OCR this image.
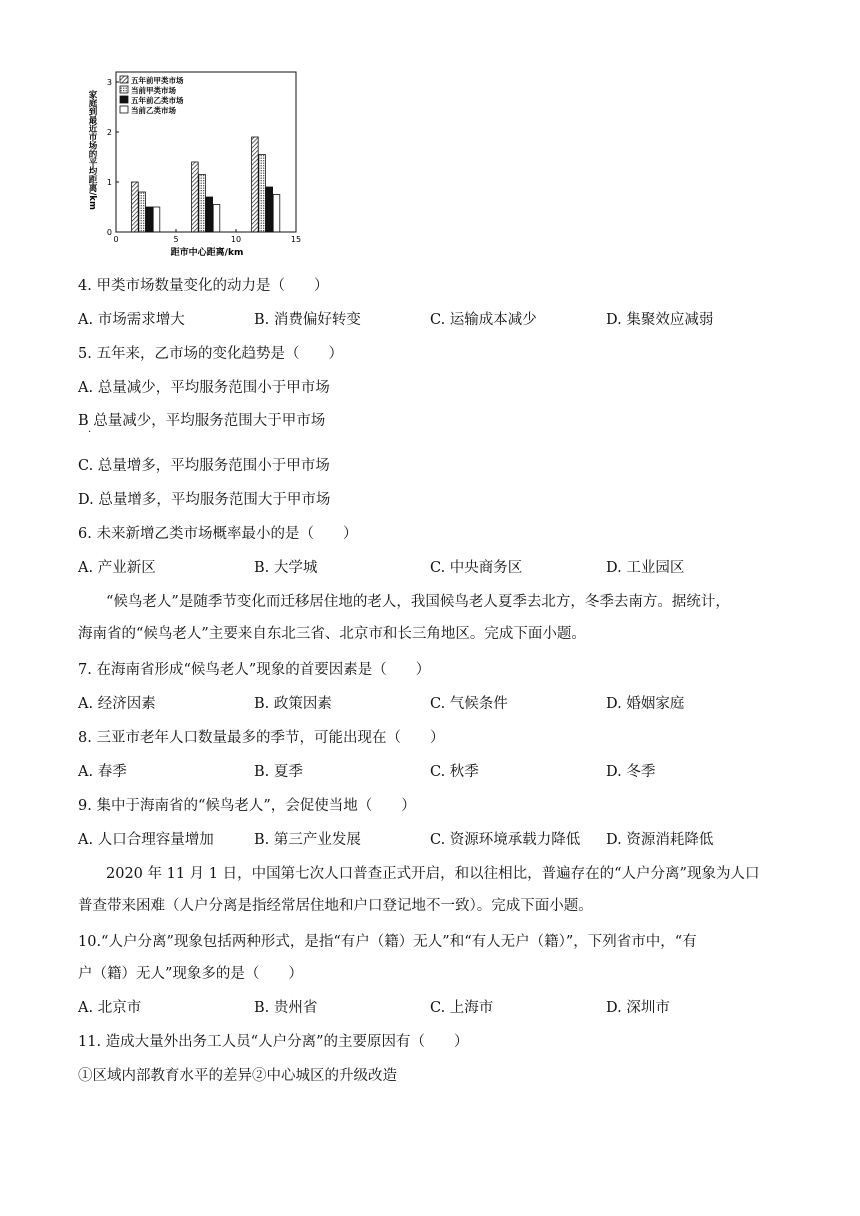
0	5	10	15
0
1
2
3	五年前甲类市场
当前甲类市场
五年前乙类市场
当前乙类市场
家庭到最近市场的平均距离/km
距市中心距离/km
4. 甲类市场数量变化的动力是（　　）
A. 市场需求增大	B. 消费偏好转变	C. 运输成本减少	D. 集聚效应减弱
5. 五年来，乙市场的变化趋势是（　　）
A. 总量减少，平均服务范围小于甲市场
B 总量减少，平均服务范围大于甲市场
·
C. 总量增多，平均服务范围小于甲市场
D. 总量增多，平均服务范围大于甲市场
6. 未来新增乙类市场概率最小的是（　　）
A. 产业新区	B. 大学城	C. 中央商务区	D. 工业园区
“候鸟老人”是随季节变化而迁移居住地的老人，我国候鸟老人夏季去北方，冬季去南方。据统计，
海南省的“候鸟老人”主要来自东北三省、北京市和长三角地区。完成下面小题。
7. 在海南省形成“候鸟老人”现象的首要因素是（　　）
A. 经济因素	B. 政策因素	C. 气候条件	D. 婚姻家庭
8. 三亚市老年人口数量最多的季节，可能出现在（　　）
A. 春季	B. 夏季	C. 秋季	D. 冬季
9. 集中于海南省的“候鸟老人”，会促使当地（　　）
A. 人口合理容量增加	B. 第三产业发展	C. 资源环境承载力降低 D. 资源消耗降低
2020 年 11 月 1 日，中国第七次人口普查正式开启，和以往相比，普遍存在的“人户分离”现象为人口
普查带来困难（人户分离是指经常居住地和户口登记地不一致）。完成下面小题。
10.“人户分离”现象包括两种形式，是指“有户（籍）无人”和“有人无户（籍）”，下列省市中，“有
户（籍）无人”现象多的是（　　）
A. 北京市	B. 贵州省	C. 上海市	D. 深圳市
11. 造成大量外出务工人员“人户分离”的主要原因有（　　）
①区域内部教育水平的差异②中心城区的升级改造
